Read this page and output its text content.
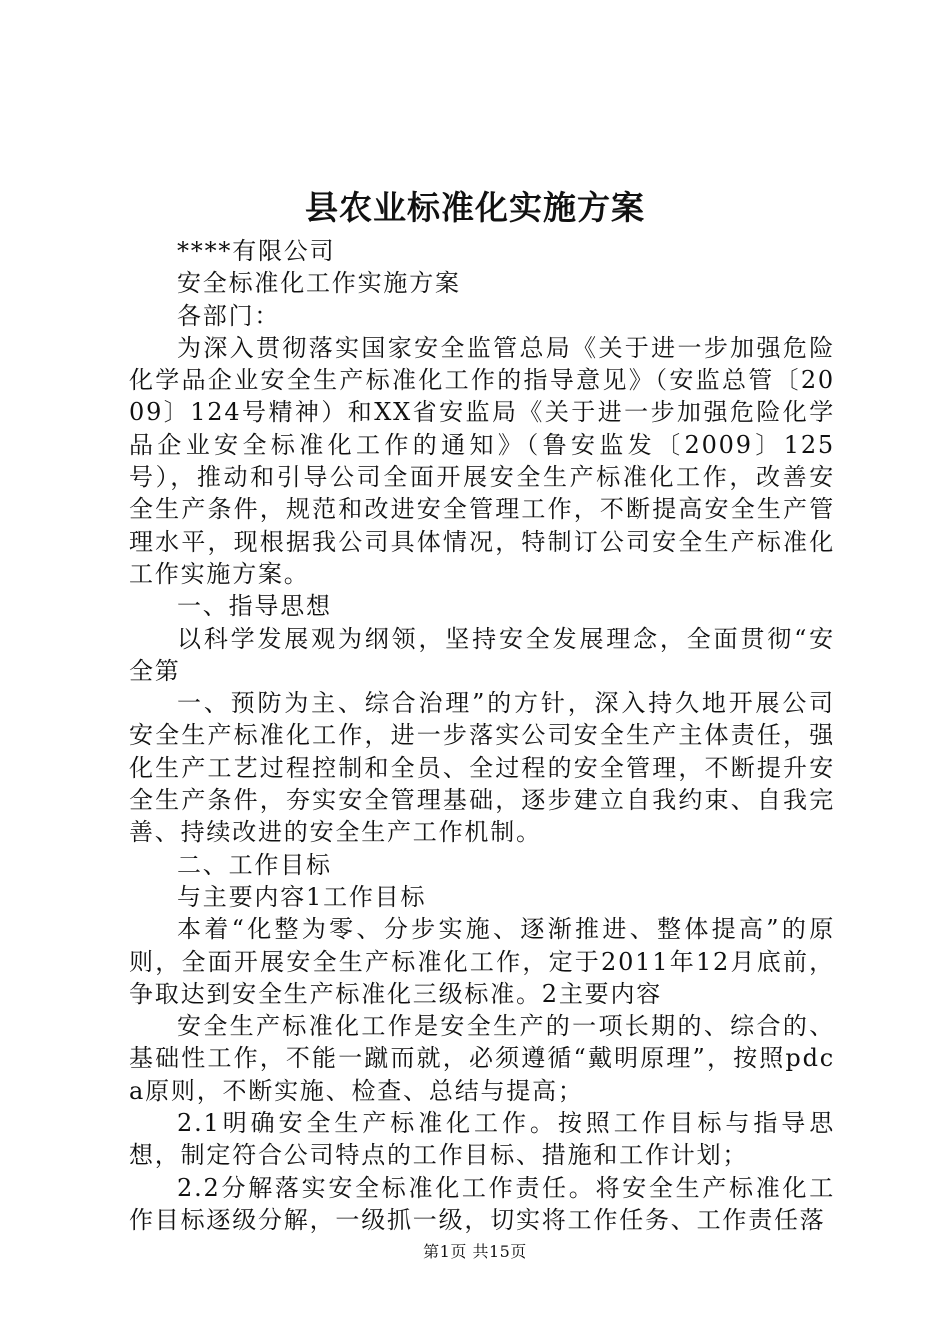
县农业标准化实施方案

****有限公司

安全标准化工作实施方案

各部门：

为深入贯彻落实国家安全监管总局《关于进一步加强危险化学品企业安全生产标准化工作的指导意见》（安监总管〔2009〕124号精神）和XX省安监局《关于进一步加强危险化学品企业安全标准化工作的通知》（鲁安监发〔2009〕125号），推动和引导公司全面开展安全生产标准化工作，改善安全生产条件，规范和改进安全管理工作，不断提高安全生产管理水平，现根据我公司具体情况，特制订公司安全生产标准化工作实施方案。

一、指导思想

以科学发展观为纲领，坚持安全发展理念，全面贯彻“安全第

一、预防为主、综合治理”的方针，深入持久地开展公司安全生产标准化工作，进一步落实公司安全生产主体责任，强化生产工艺过程控制和全员、全过程的安全管理，不断提升安全生产条件，夯实安全管理基础，逐步建立自我约束、自我完善、持续改进的安全生产工作机制。

二、工作目标

与主要内容1工作目标

本着“化整为零、分步实施、逐渐推进、整体提高”的原则，全面开展安全生产标准化工作，定于2011年12月底前，争取达到安全生产标准化三级标准。2主要内容

安全生产标准化工作是安全生产的一项长期的、综合的、基础性工作，不能一蹴而就，必须遵循“戴明原理”，按照pdca原则，不断实施、检查、总结与提高；

2.1明确安全生产标准化工作。按照工作目标与指导思想，制定符合公司特点的工作目标、措施和工作计划；

2.2分解落实安全标准化工作责任。将安全生产标准化工作目标逐级分解，一级抓一级，切实将工作任务、工作责任落

第1页 共15页
